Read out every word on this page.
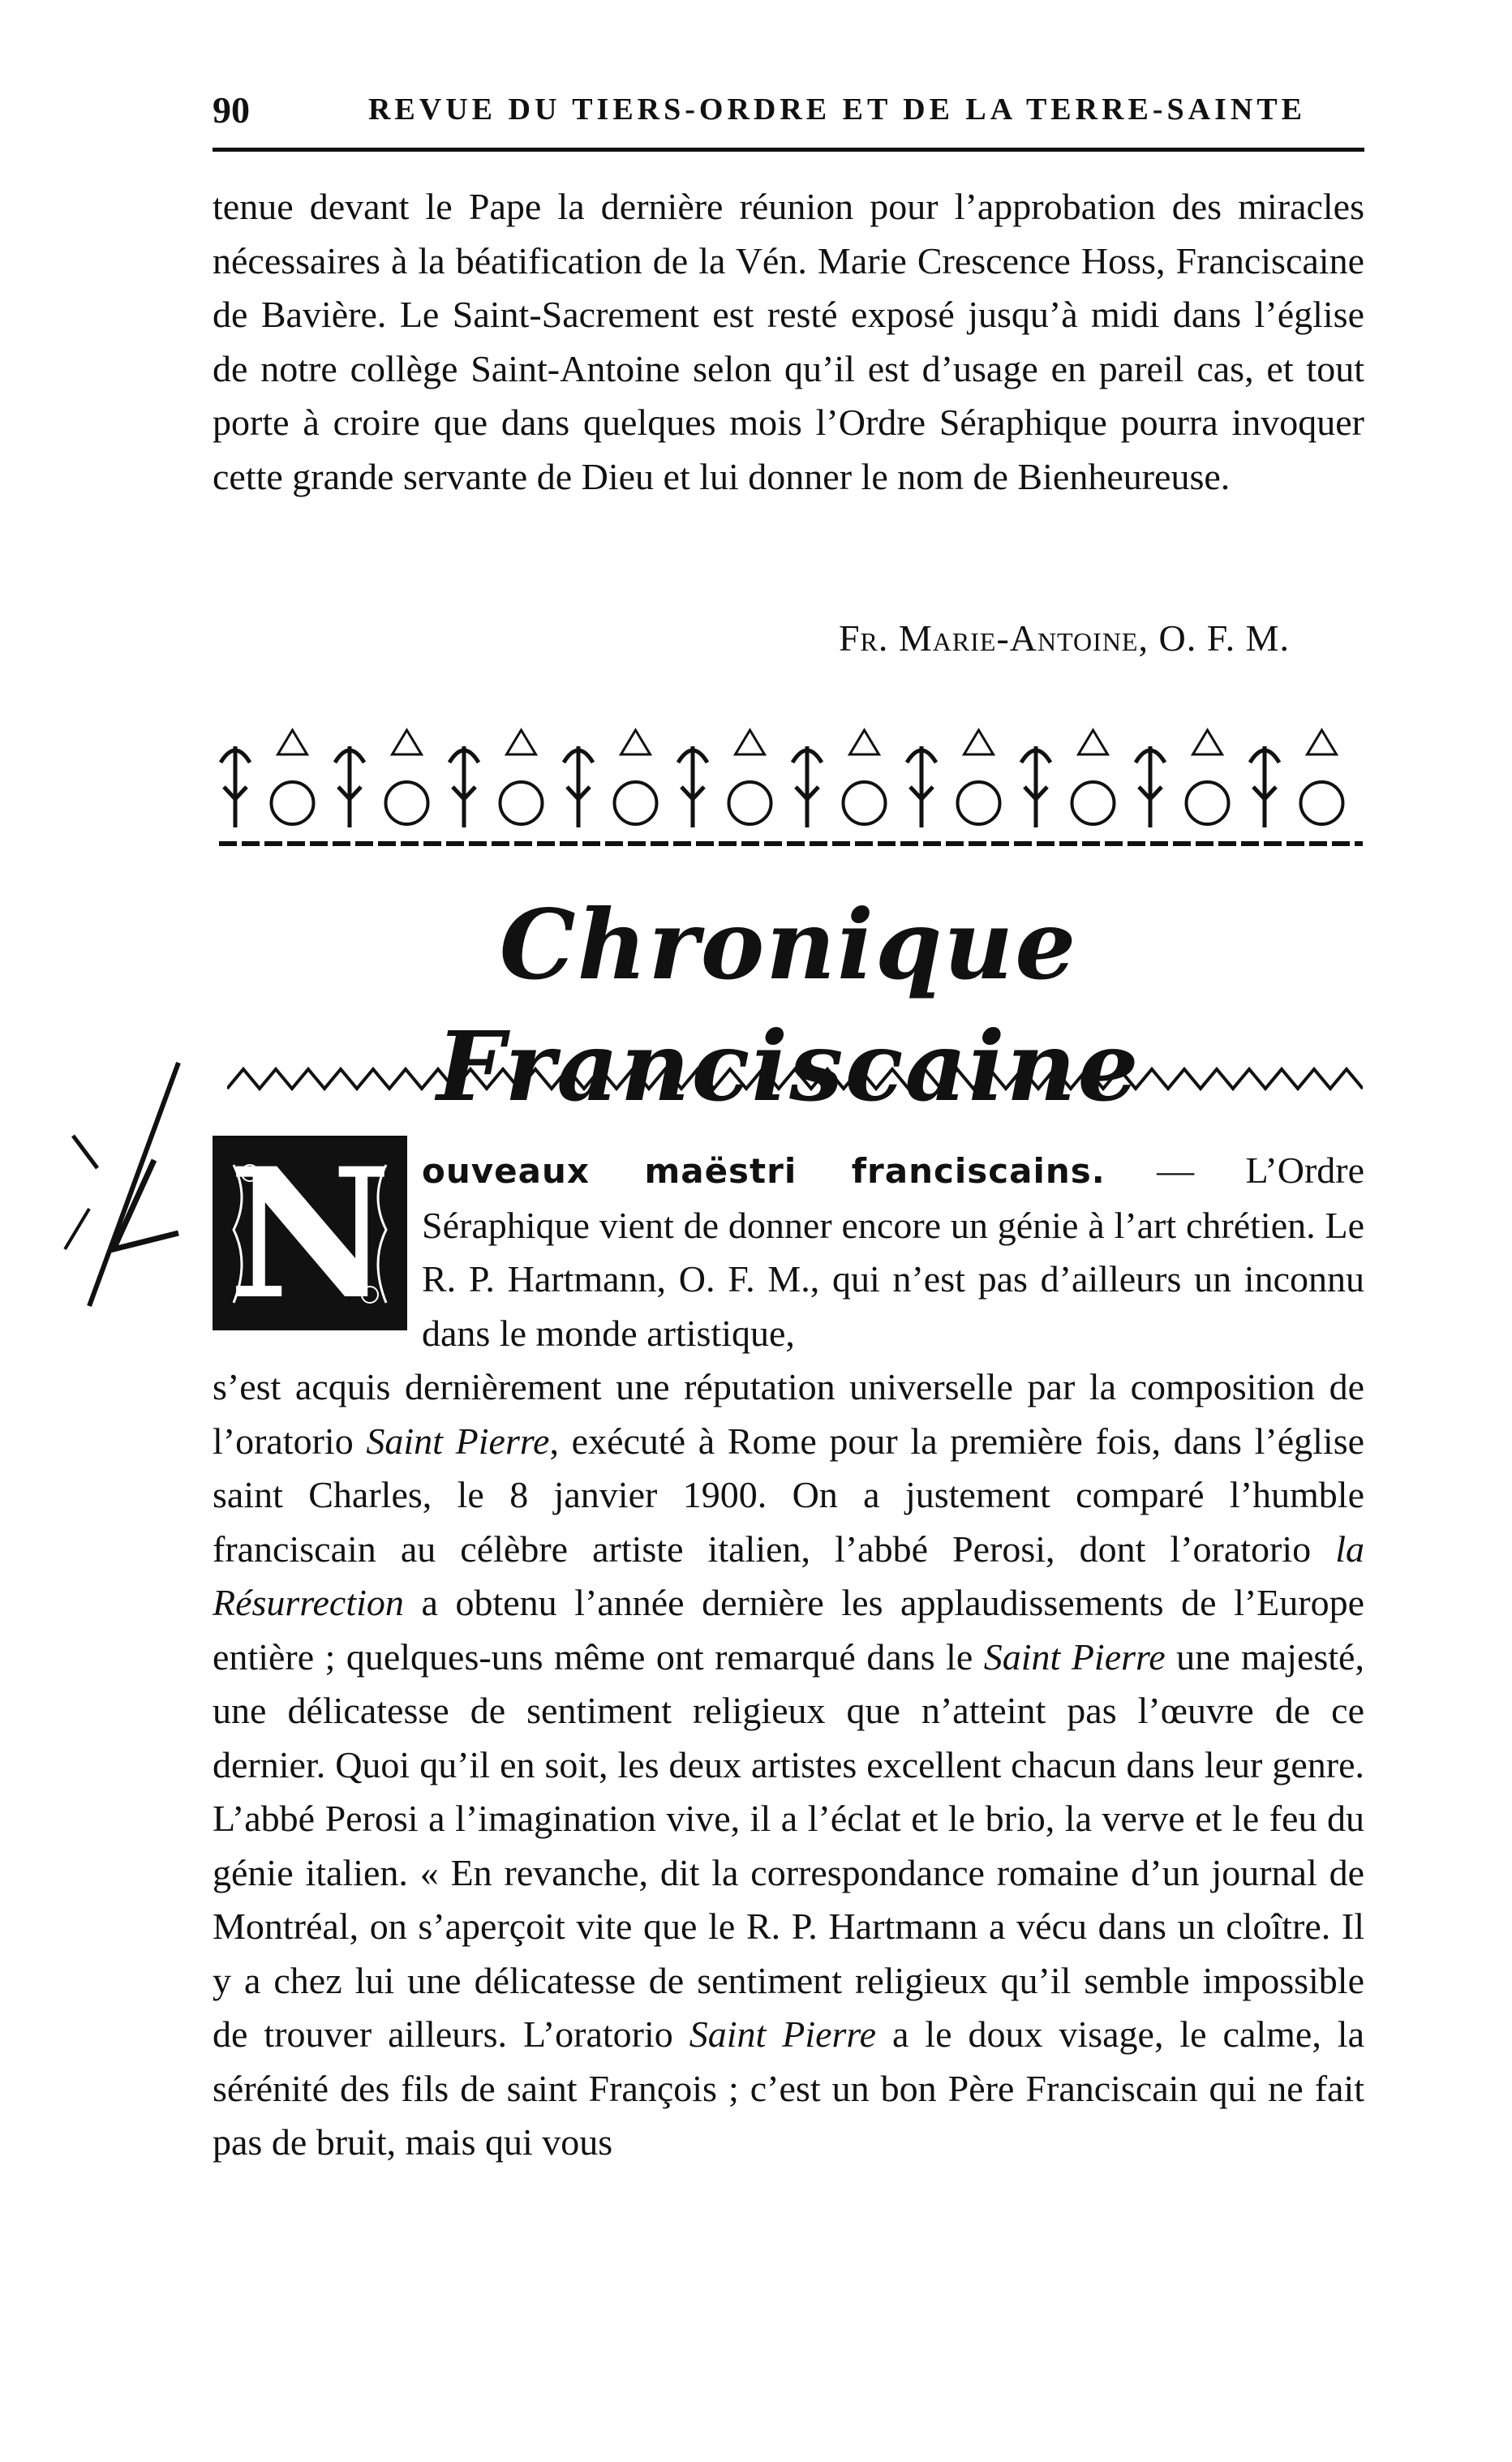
90	REVUE DU TIERS-ORDRE ET DE LA TERRE-SAINTE

tenue devant le Pape la dernière réunion pour l’approbation des miracles nécessaires à la béatification de la Vén. Marie Crescence Hoss, Franciscaine de Bavière. Le Saint-Sacrement est resté exposé jusqu’à midi dans l’église de notre collège Saint-Antoine selon qu’il est d’usage en pareil cas, et tout porte à croire que dans quelques mois l’Ordre Séraphique pourra invoquer cette grande servante de Dieu et lui donner le nom de Bienheureuse.

Fr. Marie-Antoine, O. F. M.
Chronique Franciscaine
N ouveaux maëstri franciscains. — L’Ordre Séraphique vient de donner encore un génie à l’art chrétien. Le R. P. Hartmann, O. F. M., qui n’est pas d’ailleurs un inconnu dans le monde artistique,

s’est acquis dernièrement une réputation universelle par la composition de l’oratorio Saint Pierre, exécuté à Rome pour la première fois, dans l’église saint Charles, le 8 janvier 1900. On a justement comparé l’humble franciscain au célèbre artiste italien, l’abbé Perosi, dont l’oratorio la Résurrection a obtenu l’année dernière les applaudissements de l’Europe entière ; quelques-uns même ont remarqué dans le Saint Pierre une majesté, une délicatesse de sentiment religieux que n’atteint pas l’œuvre de ce dernier. Quoi qu’il en soit, les deux artistes excellent chacun dans leur genre. L’abbé Perosi a l’imagination vive, il a l’éclat et le brio, la verve et le feu du génie italien. « En revanche, dit la correspondance romaine d’un journal de Montréal, on s’aperçoit vite que le R. P. Hartmann a vécu dans un cloître. Il y a chez lui une délicatesse de sentiment religieux qu’il semble impossible de trouver ailleurs. L’oratorio Saint Pierre a le doux visage, le calme, la sérénité des fils de saint François ; c’est un bon Père Franciscain qui ne fait pas de bruit, mais qui vous
